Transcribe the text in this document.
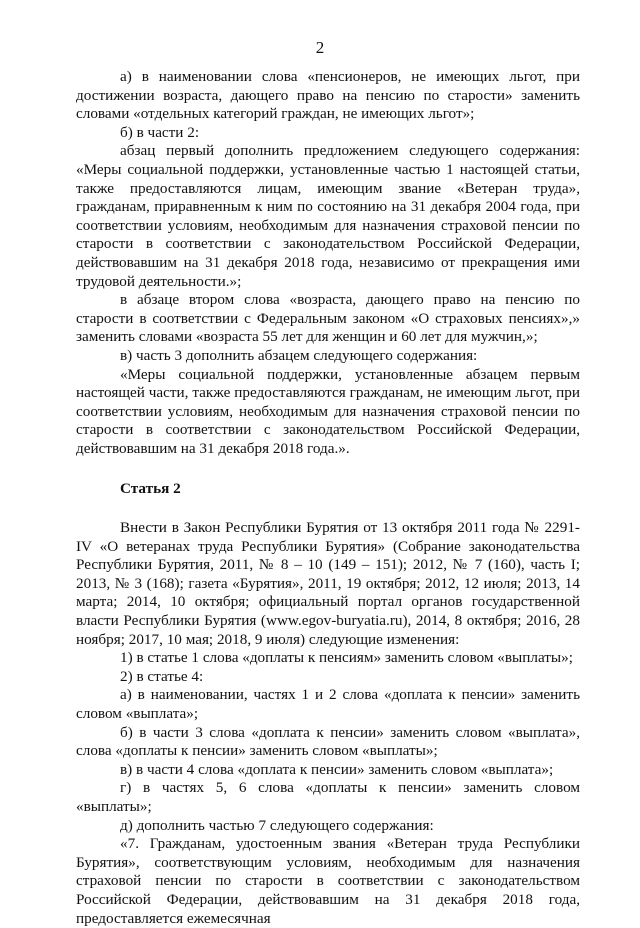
2

а) в наименовании слова «пенсионеров, не имеющих льгот, при достижении возраста, дающего право на пенсию по старости» заменить словами «отдельных категорий граждан, не имеющих льгот»;

б) в части 2:

абзац первый дополнить предложением следующего содержания: «Меры социальной поддержки, установленные частью 1 настоящей статьи, также предоставляются лицам, имеющим звание «Ветеран труда», гражданам, приравненным к ним по состоянию на 31 декабря 2004 года, при соответствии условиям, необходимым для назначения страховой пенсии по старости в соответствии с законодательством Российской Федерации, действовавшим на 31 декабря 2018 года, независимо от прекращения ими трудовой деятельности.»;

в абзаце втором слова «возраста, дающего право на пенсию по старости в соответствии с Федеральным законом «О страховых пенсиях»,» заменить словами «возраста 55 лет для женщин и 60 лет для мужчин,»;

в) часть 3 дополнить абзацем следующего содержания:

«Меры социальной поддержки, установленные абзацем первым настоящей части, также предоставляются гражданам, не имеющим льгот, при соответствии условиям, необходимым для назначения страховой пенсии по старости в соответствии с законодательством Российской Федерации, действовавшим на 31 декабря 2018 года.».

Статья 2

Внести в Закон Республики Бурятия от 13 октября 2011 года № 2291-IV «О ветеранах труда Республики Бурятия» (Собрание законодательства Республики Бурятия, 2011, № 8 – 10 (149 – 151); 2012, № 7 (160), часть I; 2013, № 3 (168); газета «Бурятия», 2011, 19 октября; 2012, 12 июля; 2013, 14 марта; 2014, 10 октября; официальный портал органов государственной власти Республики Бурятия (www.egov-buryatia.ru), 2014, 8 октября; 2016, 28 ноября; 2017, 10 мая; 2018, 9 июля) следующие изменения:

1) в статье 1 слова «доплаты к пенсиям» заменить словом «выплаты»;

2) в статье 4:

а) в наименовании, частях 1 и 2 слова «доплата к пенсии» заменить словом «выплата»;

б) в части 3 слова «доплата к пенсии» заменить словом «выплата», слова «доплаты к пенсии» заменить словом «выплаты»;

в) в части 4 слова «доплата к пенсии» заменить словом «выплата»;

г) в частях 5, 6 слова «доплаты к пенсии» заменить словом «выплаты»;

д) дополнить частью 7 следующего содержания:

«7. Гражданам, удостоенным звания «Ветеран труда Республики Бурятия», соответствующим условиям, необходимым для назначения страховой пенсии по старости в соответствии с законодательством Российской Федерации, действовавшим на 31 декабря 2018 года, предоставляется ежемесячная
